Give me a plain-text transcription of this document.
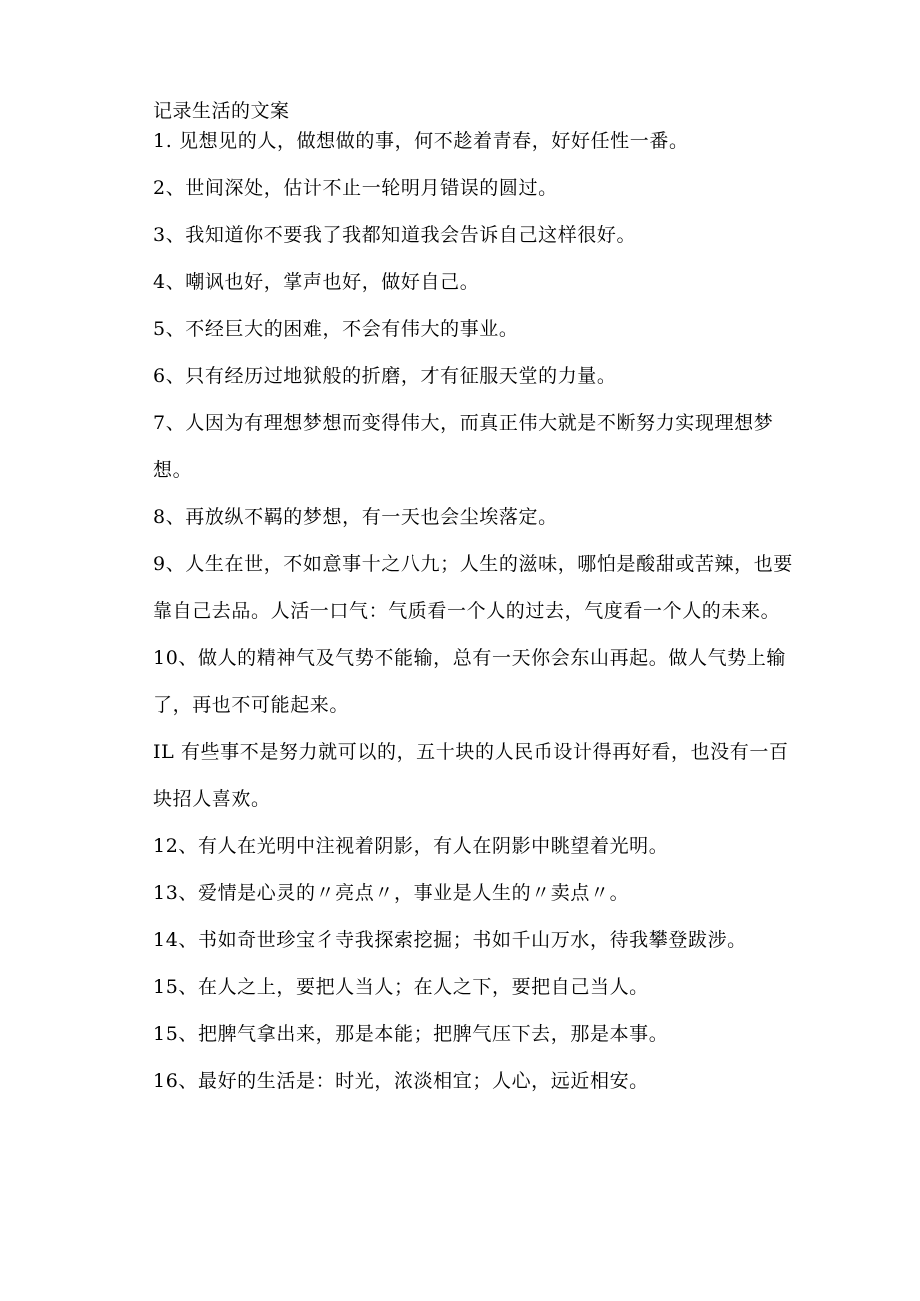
记录生活的文案

1. 见想见的人，做想做的事，何不趁着青春，好好任性一番。

2、世间深处，估计不止一轮明月错误的圆过。

3、我知道你不要我了我都知道我会告诉自己这样很好。

4、嘲讽也好，掌声也好，做好自己。

5、不经巨大的困难，不会有伟大的事业。

6、只有经历过地狱般的折磨，才有征服天堂的力量。

7、人因为有理想梦想而变得伟大，而真正伟大就是不断努力实现理想梦想。

8、再放纵不羁的梦想，有一天也会尘埃落定。

9、人生在世，不如意事十之八九；人生的滋味，哪怕是酸甜或苦辣，也要靠自己去品。人活一口气：气质看一个人的过去，气度看一个人的未来。

10、做人的精神气及气势不能输，总有一天你会东山再起。做人气势上输了，再也不可能起来。

IL 有些事不是努力就可以的，五十块的人民币设计得再好看，也没有一百块招人喜欢。

12、有人在光明中注视着阴影，有人在阴影中眺望着光明。

13、爱情是心灵的〃亮点〃，事业是人生的〃卖点〃。

14、书如奇世珍宝彳寺我探索挖掘；书如千山万水，待我攀登跋涉。

15、在人之上，要把人当人；在人之下，要把自己当人。

15、把脾气拿出来，那是本能；把脾气压下去，那是本事。

16、最好的生活是：时光，浓淡相宜；人心，远近相安。
